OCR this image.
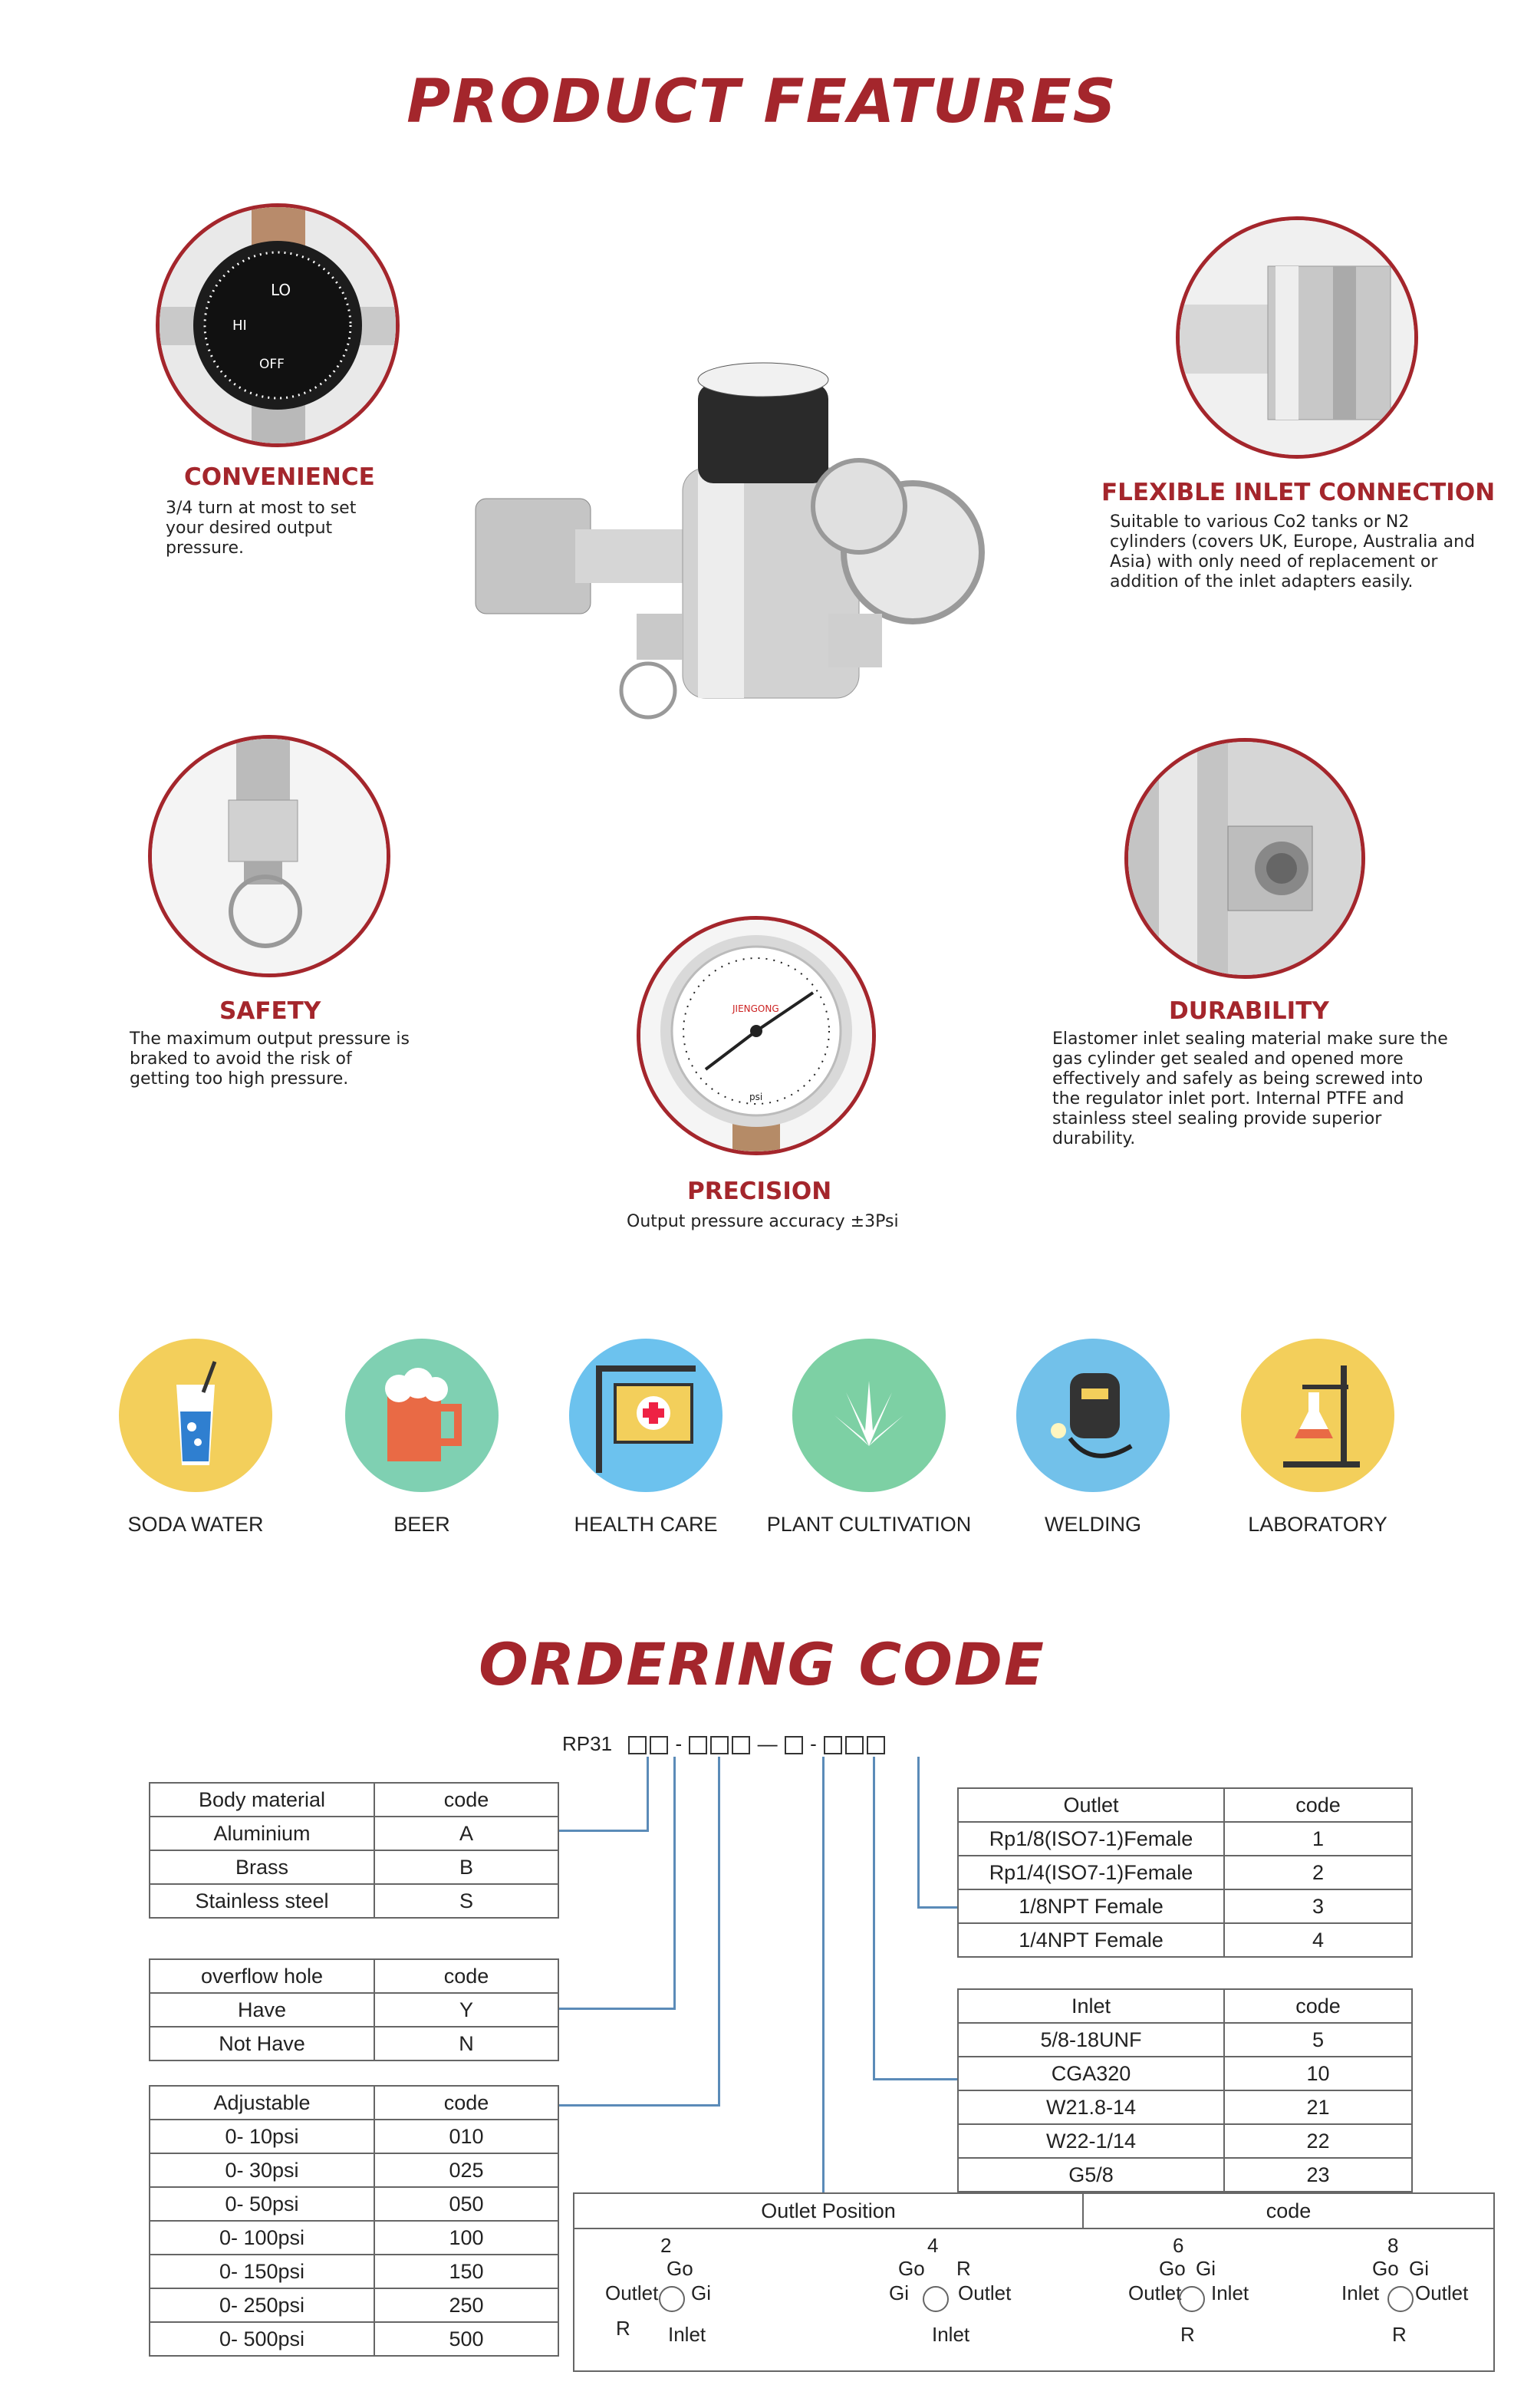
PRODUCT FEATURES
LO
HI
OFF
CONVENIENCE
3/4 turn at most to set your desired output pressure.
FLEXIBLE INLET CONNECTION
Suitable to various Co2 tanks or N2 cylinders (covers UK, Europe, Australia and Asia) with only need of replacement or addition of the inlet adapters easily.
SAFETY
The maximum output pressure is braked to avoid the risk of getting too high pressure.
DURABILITY
Elastomer inlet sealing material make sure the gas cylinder get sealed and opened more effectively and safely as being screwed into the regulator inlet port. Internal PTFE and stainless steel sealing provide superior durability.
JIENGONG
psi
PRECISION
Output pressure accuracy ±3Psi
SODA WATER	BEER	HEALTH CARE	PLANT CULTIVATION	WELDING	LABORATORY
ORDERING CODE
RP31	-	—  -
Body material	code
Aluminium	A
Brass	B
Stainless steel	S
overflow hole	code
Have	Y
Not Have	N
Adjustable	code
0- 10psi	010
0- 30psi	025
0- 50psi	050
0- 100psi	100
0- 150psi	150
0- 250psi	250
0- 500psi	500
Outlet	code
Rp1/8(ISO7-1)Female	1
Rp1/4(ISO7-1)Female	2
1/8NPT Female	3
1/4NPT Female	4
Inlet	code
5/8-18UNF	5
CGA320	10
W21.8-14	21
W22-1/14	22
G5/8	23
Outlet Position	code
2
Go
Outlet Gi
R Inlet
4
Go R
Gi Outlet
Inlet
6
Go Gi
Outlet Inlet
R
8
Go Gi
Inlet Outlet
R
